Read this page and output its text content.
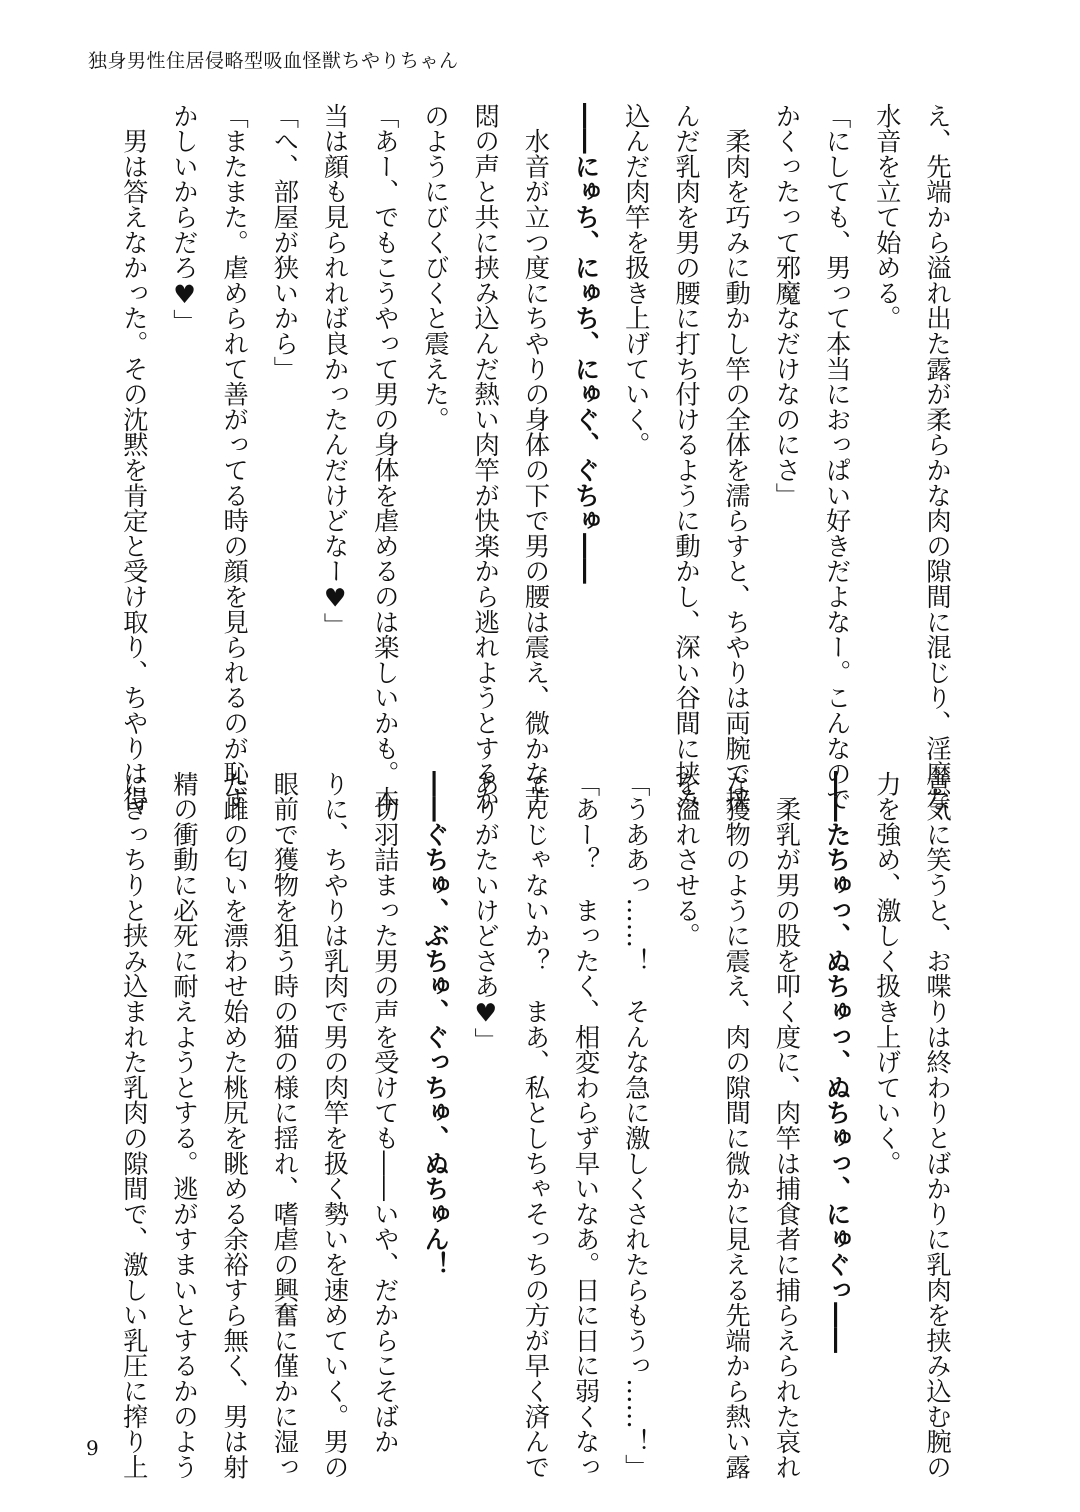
独身男性住居侵略型吸血怪獣ちやりちゃん
え、先端から溢れ出た露が柔らかな肉の隙間に混じり、淫靡な
水音を立て始める。
「にしても、男って本当におっぱい好きだよなー。こんなので
かくったって邪魔なだけなのにさ」
　柔肉を巧みに動かし竿の全体を濡らすと、ちやりは両腕で挟
んだ乳肉を男の腰に打ち付けるように動かし、深い谷間に挟み
込んだ肉竿を扱き上げていく。
――にゅち、にゅち、にゅぐ、ぐちゅ――
　水音が立つ度にちやりの身体の下で男の腰は震え、微かな苦
悶の声と共に挟み込んだ熱い肉竿が快楽から逃れようとするか
のようにびくびくと震えた。
「あー、でもこうやって男の身体を虐めるのは楽しいかも。本
当は顔も見られれば良かったんだけどなー♥」
「へ、部屋が狭いから」
「またまた。虐められて善がってる時の顔を見られるのが恥ず
かしいからだろ♥」
　男は答えなかった。その沈黙を肯定と受け取り、ちやりは得
意気に笑うと、お喋りは終わりとばかりに乳肉を挟み込む腕の
力を強め、激しく扱き上げていく。
――たちゅっ、ぬちゅっ、ぬちゅっ、にゅぐっ――
　柔乳が男の股を叩く度に、肉竿は捕食者に捕らえられた哀れ
な獲物のように震え、肉の隙間に微かに見える先端から熱い露
を溢れさせる。
「うああっ……！　そんな急に激しくされたらもうっ……！」
「あー？　まったく、相変わらず早いなあ。日に日に弱くなっ
てんじゃないか？　まあ、私としちゃそっちの方が早く済んで
ありがたいけどさあ♥」
――ぐちゅ、ぶちゅ、ぐっちゅ、ぬちゅん！
　切羽詰まった男の声を受けても――いや、だからこそばか
りに、ちやりは乳肉で男の肉竿を扱く勢いを速めていく。男の
眼前で獲物を狙う時の猫の様に揺れ、嗜虐の興奮に僅かに湿っ
た雌の匂いを漂わせ始めた桃尻を眺める余裕すら無く、男は射
精の衝動に必死に耐えようとする。逃がすまいとするかのよう
にぎっちりと挟み込まれた乳肉の隙間で、激しい乳圧に搾り上
9
